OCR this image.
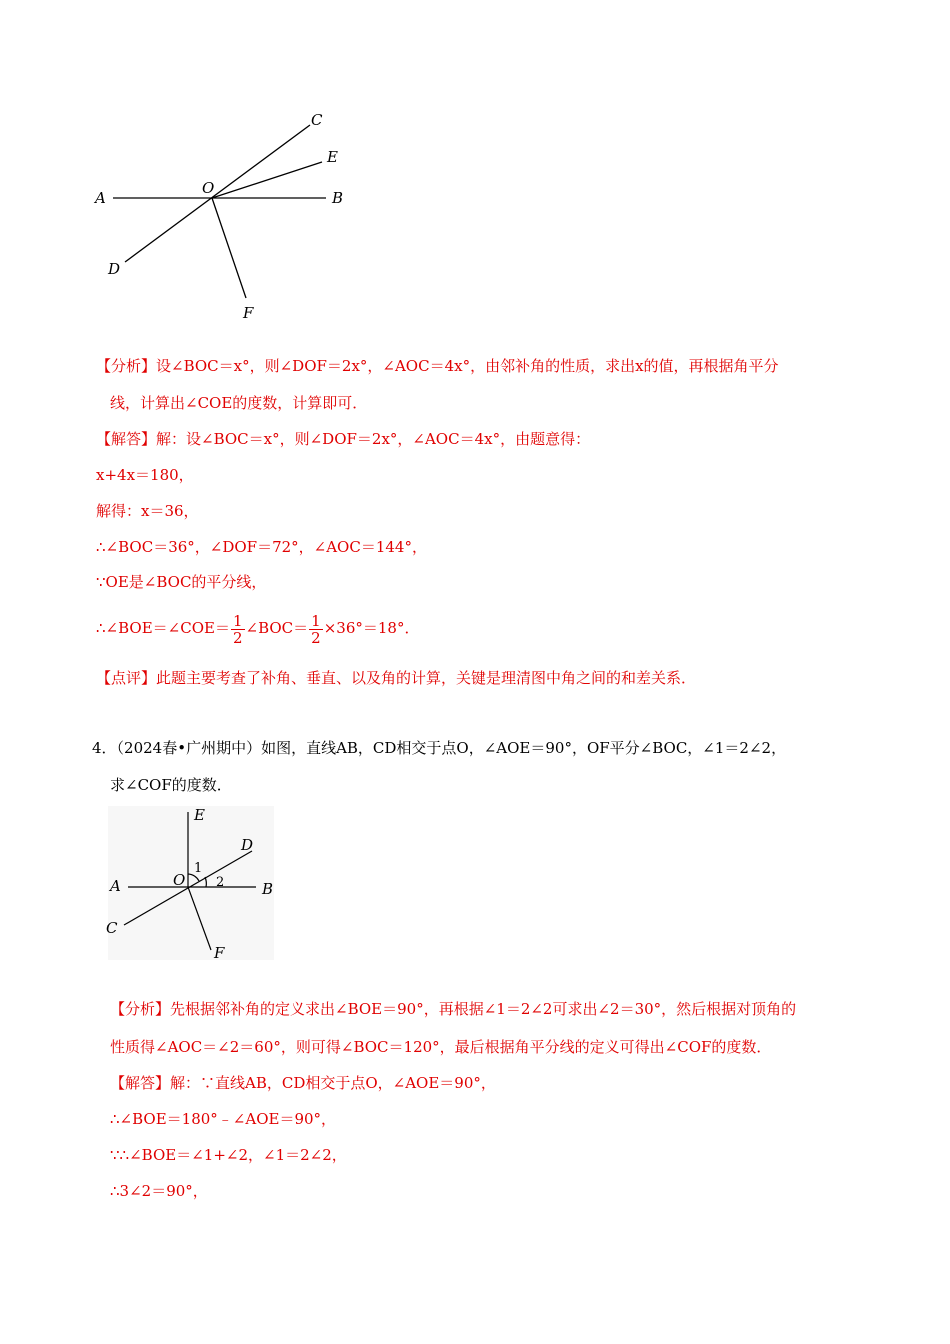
A	B
C
D
E
F
O
【分析】设∠BOC＝x°，则∠DOF＝2x°，∠AOC＝4x°，由邻补角的性质，求出x的值，再根据角平分
线，计算出∠COE的度数，计算即可．
【解答】解：设∠BOC＝x°，则∠DOF＝2x°，∠AOC＝4x°，由题意得：
x+4x＝180，
解得：x＝36，
∴∠BOC＝36°，∠DOF＝72°，∠AOC＝144°，
∵OE是∠BOC的平分线，
∴∠BOE＝∠COE＝ $\frac{1}{2}$ ∠BOC＝ $\frac{1}{2} \times 36^\circ=18^\circ$．
【点评】此题主要考查了补角、垂直、以及角的计算，关键是理清图中角之间的和差关系．
4．（2024春•广州期中）如图，直线AB，CD相交于点O，∠AOE＝90°，OF平分∠BOC，∠1＝2∠2，
求∠COF的度数．
E
D
A	O	B
C
F
1
2
【分析】先根据邻补角的定义求出∠BOE＝90°，再根据∠1＝2∠2可求出∠2＝30°，然后根据对顶角的
性质得∠AOC＝∠2＝60°，则可得∠BOC＝120°，最后根据角平分线的定义可得出∠COF的度数．
【解答】解：∵直线AB，CD相交于点O，∠AOE＝90°，
∴∠BOE＝180°﹣∠AOE＝90°，
∵∴∠BOE＝∠1+∠2，∠1＝2∠2，
∴3∠2＝90°，
